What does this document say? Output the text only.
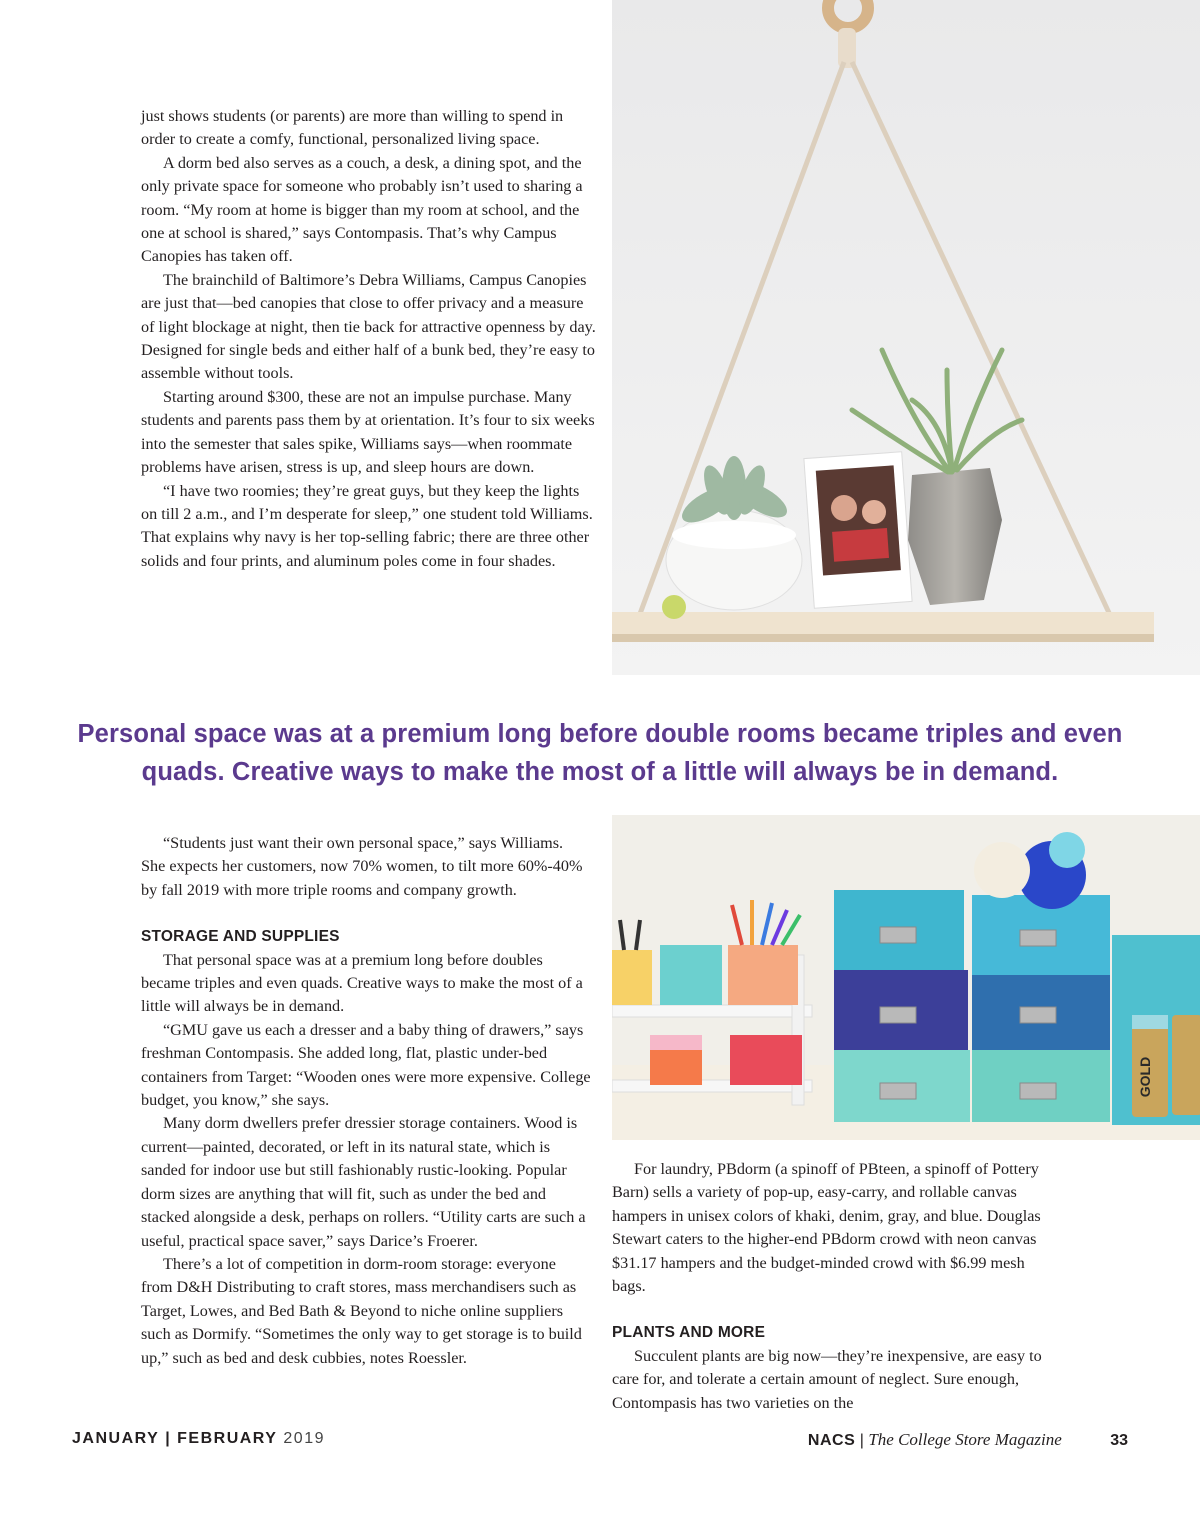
just shows students (or parents) are more than willing to spend in order to create a comfy, functional, personalized living space.

A dorm bed also serves as a couch, a desk, a dining spot, and the only private space for someone who probably isn’t used to sharing a room. “My room at home is bigger than my room at school, and the one at school is shared,” says Contompasis. That’s why Campus Canopies has taken off.

The brainchild of Baltimore’s Debra Williams, Campus Canopies are just that—bed canopies that close to offer privacy and a measure of light blockage at night, then tie back for attractive openness by day. Designed for single beds and either half of a bunk bed, they’re easy to assemble without tools.

Starting around $300, these are not an impulse purchase. Many students and parents pass them by at orientation. It’s four to six weeks into the semester that sales spike, Williams says—when roommate problems have arisen, stress is up, and sleep hours are down.

“I have two roomies; they’re great guys, but they keep the lights on till 2 a.m., and I’m desperate for sleep,” one student told Williams. That explains why navy is her top-selling fabric; there are three other solids and four prints, and aluminum poles come in four shades.

Personal space was at a premium long before double rooms became triples and even quads. Creative ways to make the most of a little will always be in demand.

“Students just want their own personal space,” says Williams. She expects her customers, now 70% women, to tilt more 60%-40% by fall 2019 with more triple rooms and company growth.

STORAGE AND SUPPLIES

That personal space was at a premium long before doubles became triples and even quads. Creative ways to make the most of a little will always be in demand.

“GMU gave us each a dresser and a baby thing of drawers,” says freshman Contompasis. She added long, flat, plastic under-bed containers from Target: “Wooden ones were more expensive. College budget, you know,” she says.

Many dorm dwellers prefer dressier storage containers. Wood is current—painted, decorated, or left in its natural state, which is sanded for indoor use but still fashionably rustic-looking. Popular dorm sizes are anything that will fit, such as under the bed and stacked alongside a desk, perhaps on rollers. “Utility carts are such a useful, practical space saver,” says Darice’s Froerer.

There’s a lot of competition in dorm-room storage: everyone from D&H Distributing to craft stores, mass merchandisers such as Target, Lowes, and Bed Bath & Beyond to niche online suppliers such as Dormify. “Sometimes the only way to get storage is to build up,” such as bed and desk cubbies, notes Roessler.

GOLD

For laundry, PBdorm (a spinoff of PBteen, a spinoff of Pottery Barn) sells a variety of pop-up, easy-carry, and rollable canvas hampers in unisex colors of khaki, denim, gray, and blue. Douglas Stewart caters to the higher-end PBdorm crowd with neon canvas $31.17 hampers and the budget-minded crowd with $6.99 mesh bags.

PLANTS AND MORE

Succulent plants are big now—they’re inexpensive, are easy to care for, and tolerate a certain amount of neglect. Sure enough, Contompasis has two varieties on the

JANUARY | FEBRUARY 2019	NACS | The College Store Magazine	33
